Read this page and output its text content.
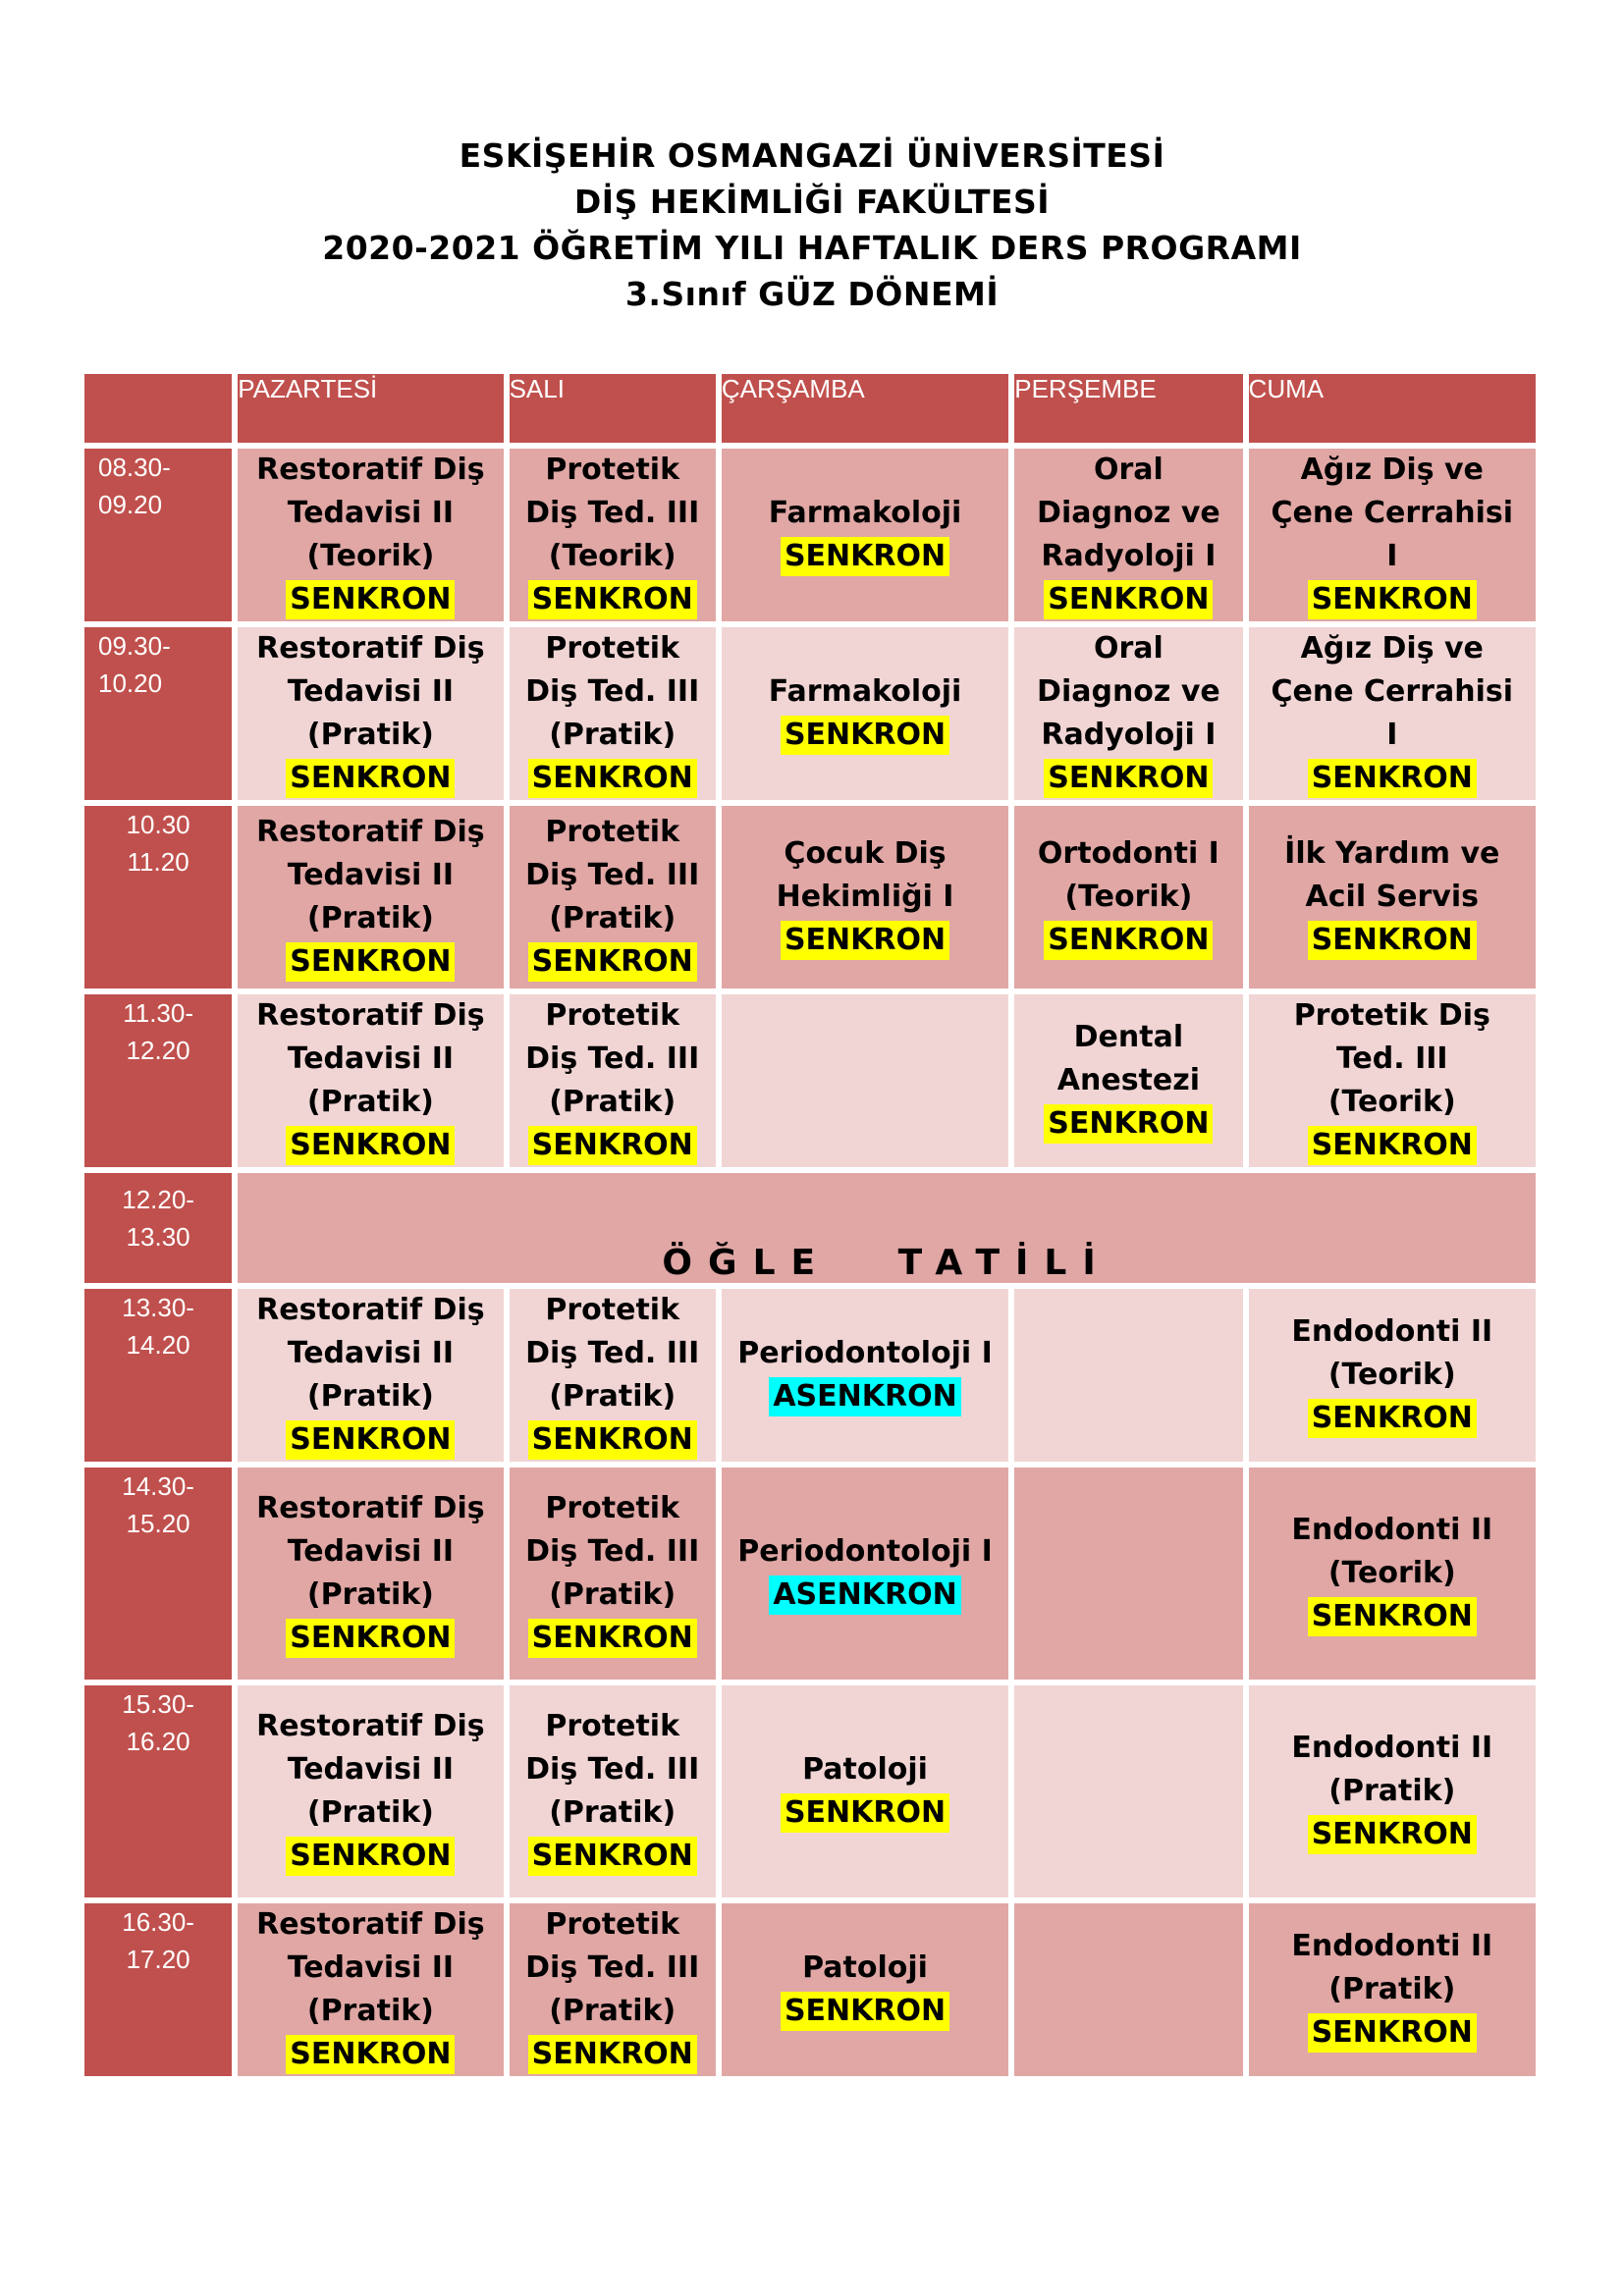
ESKİŞEHİR OSMANGAZİ ÜNİVERSİTESİ
DİŞ HEKİMLİĞİ FAKÜLTESİ
2020-2021 ÖĞRETİM YILI HAFTALIK DERS PROGRAMI
3.Sınıf GÜZ DÖNEMİ
	PAZARTESİ	SALI	ÇARŞAMBA	PERŞEMBE	CUMA
08.30-
09.20	Restoratif Diş
Tedavisi II
(Teorik)
SENKRON	Protetik
Diş Ted. III
(Teorik)
SENKRON	Farmakoloji
SENKRON	Oral
Diagnoz ve
Radyoloji I
SENKRON	Ağız Diş ve
Çene Cerrahisi
I
SENKRON
09.30-
10.20	Restoratif Diş
Tedavisi II
(Pratik)
SENKRON	Protetik
Diş Ted. III
(Pratik)
SENKRON	Farmakoloji
SENKRON	Oral
Diagnoz ve
Radyoloji I
SENKRON	Ağız Diş ve
Çene Cerrahisi
I
SENKRON
10.30
11.20	Restoratif Diş
Tedavisi II
(Pratik)
SENKRON	Protetik
Diş Ted. III
(Pratik)
SENKRON	Çocuk Diş
Hekimliği I
SENKRON	Ortodonti I
(Teorik)
SENKRON	İlk Yardım ve
Acil Servis
SENKRON
11.30-
12.20	Restoratif Diş
Tedavisi II
(Pratik)
SENKRON	Protetik
Diş Ted. III
(Pratik)
SENKRON		Dental
Anestezi
SENKRON	Protetik Diş
Ted. III
(Teorik)
SENKRON
12.20-
13.30	ÖĞLE TATİLİ				
13.30-
14.20	Restoratif Diş
Tedavisi II
(Pratik)
SENKRON	Protetik
Diş Ted. III
(Pratik)
SENKRON	Periodontoloji I
ASENKRON		Endodonti II
(Teorik)
SENKRON
14.30-
15.20	Restoratif Diş
Tedavisi II
(Pratik)
SENKRON	Protetik
Diş Ted. III
(Pratik)
SENKRON	Periodontoloji I
ASENKRON		Endodonti II
(Teorik)
SENKRON
15.30-
16.20	Restoratif Diş
Tedavisi II
(Pratik)
SENKRON	Protetik
Diş Ted. III
(Pratik)
SENKRON	Patoloji
SENKRON		Endodonti II
(Pratik)
SENKRON
16.30-
17.20	Restoratif Diş
Tedavisi II
(Pratik)
SENKRON	Protetik
Diş Ted. III
(Pratik)
SENKRON	Patoloji
SENKRON		Endodonti II
(Pratik)
SENKRON
